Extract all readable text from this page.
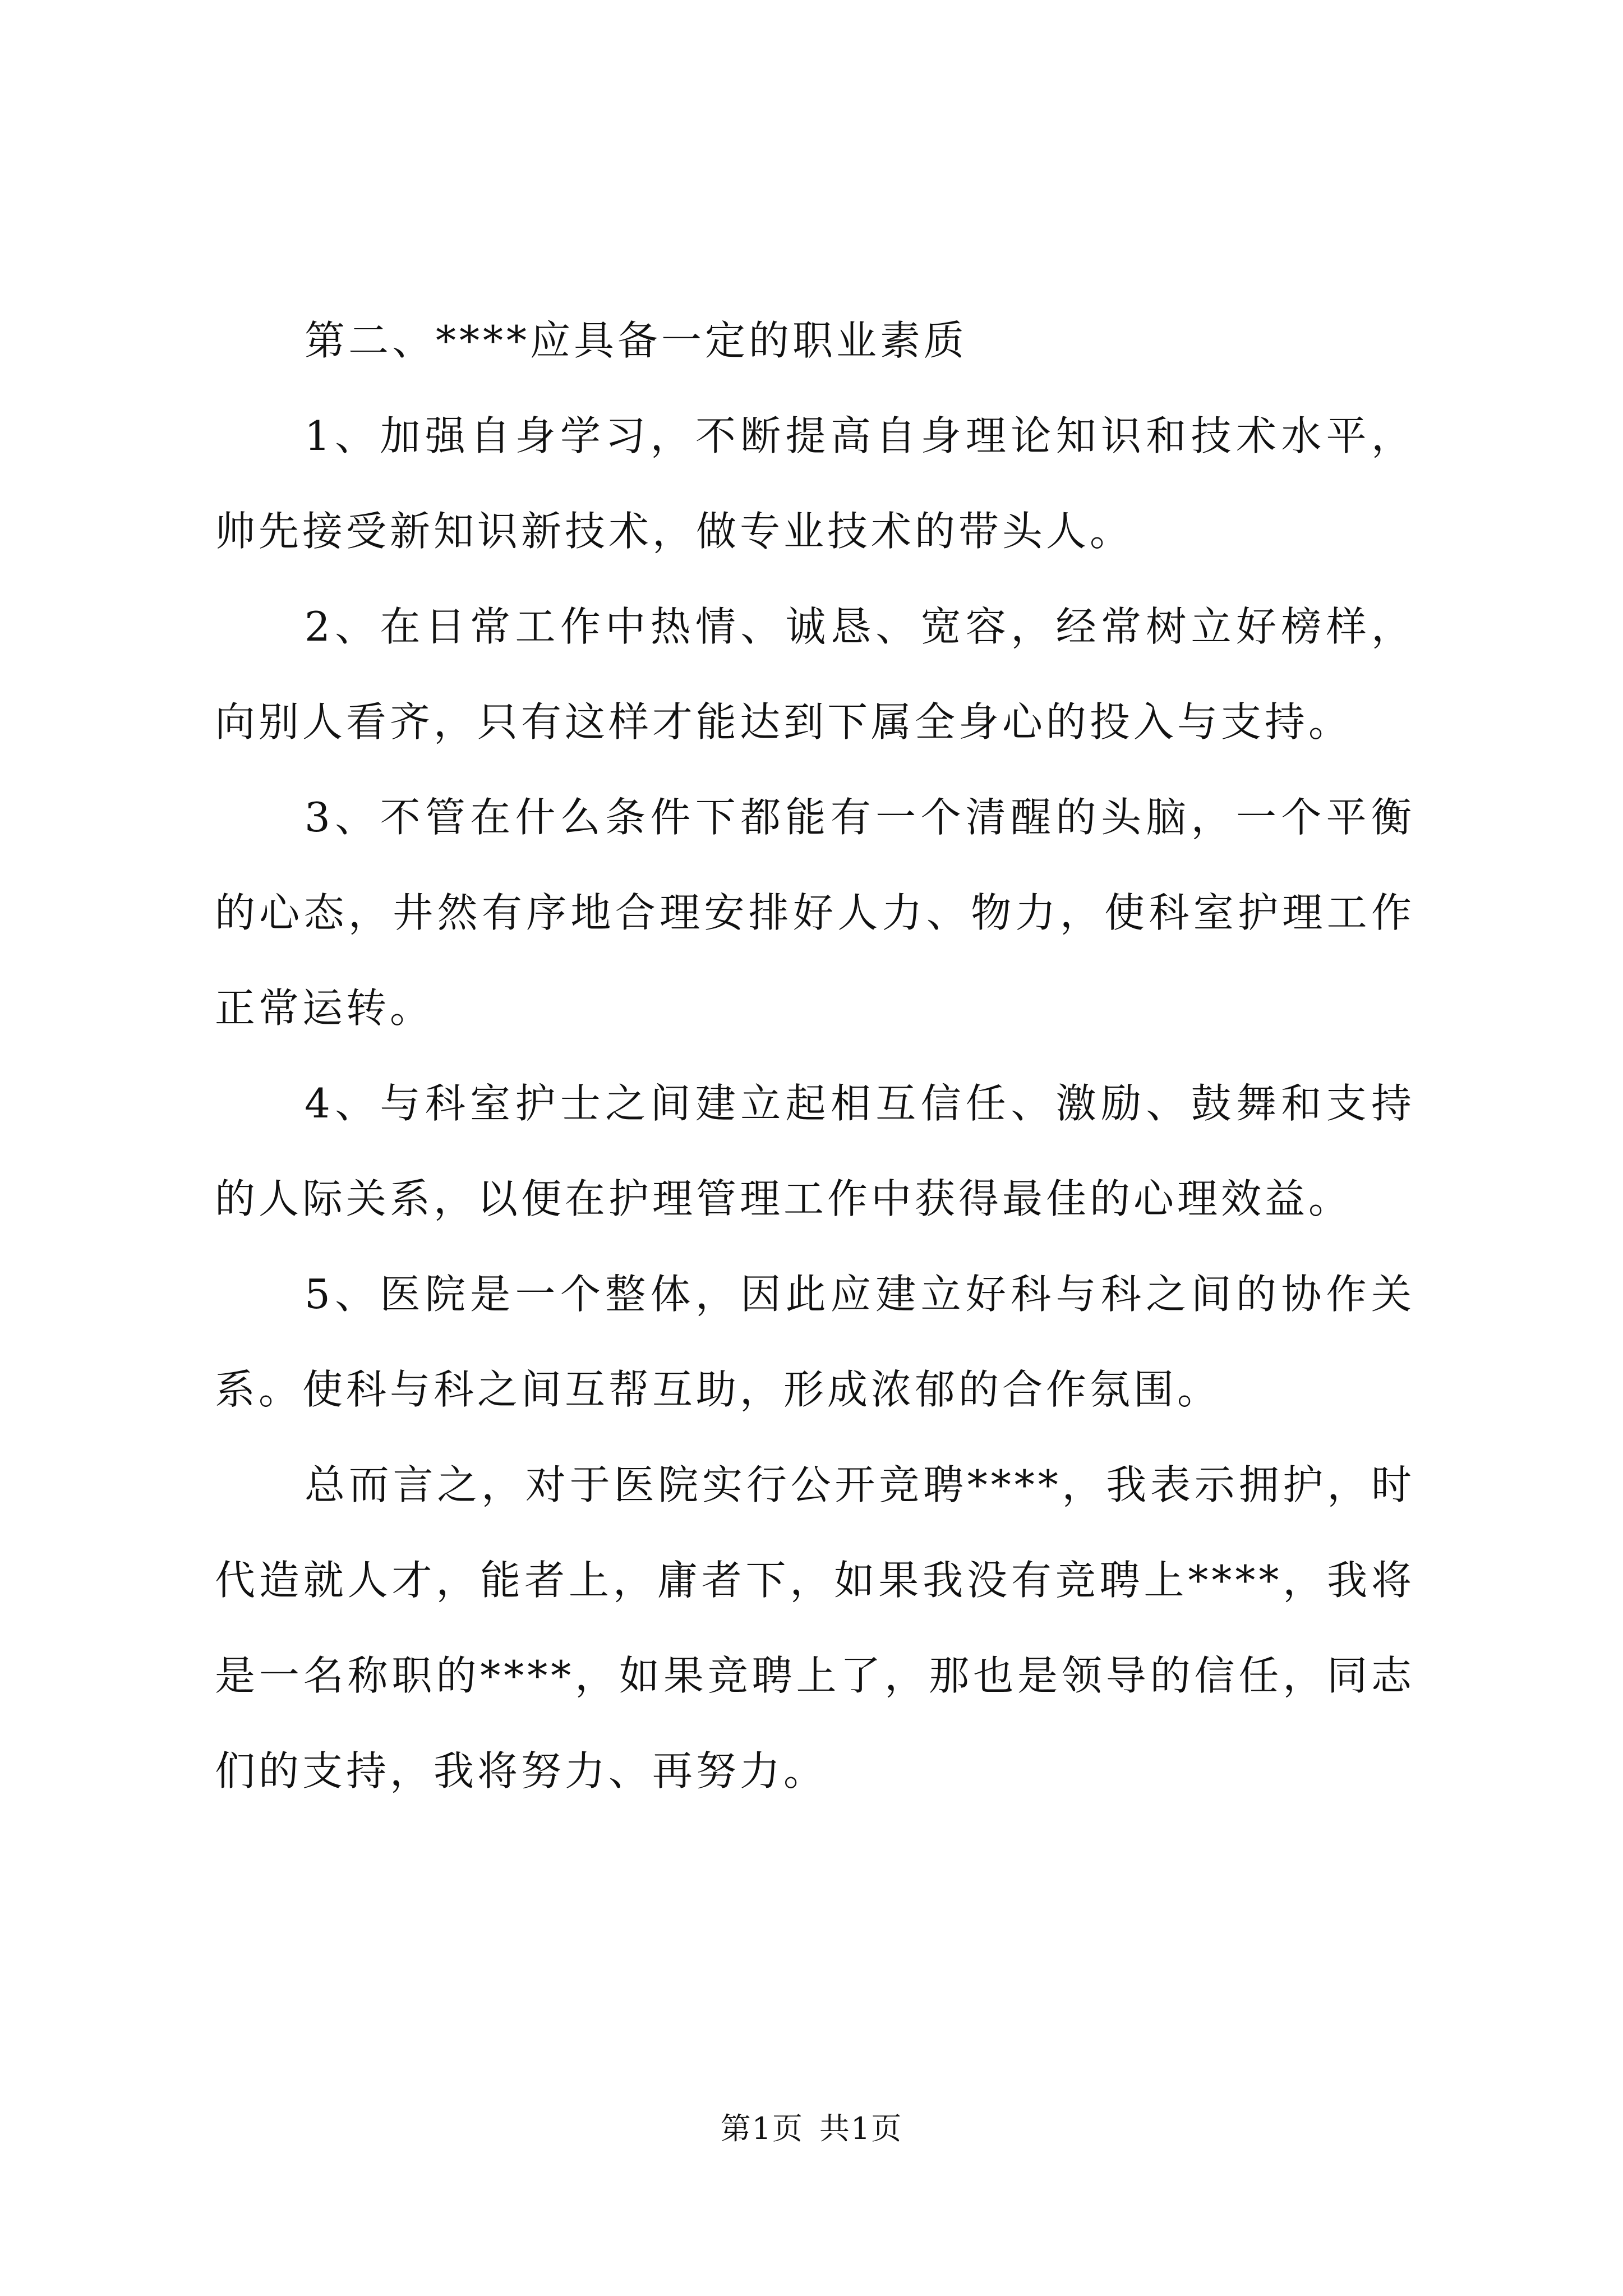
第二、****应具备一定的职业素质

1、加强自身学习，不断提高自身理论知识和技术水平，帅先接受新知识新技术，做专业技术的带头人。

2、在日常工作中热情、诚恳、宽容，经常树立好榜样，向别人看齐，只有这样才能达到下属全身心的投入与支持。

3、不管在什么条件下都能有一个清醒的头脑，一个平衡的心态，井然有序地合理安排好人力、物力，使科室护理工作正常运转。

4、与科室护士之间建立起相互信任、激励、鼓舞和支持的人际关系，以便在护理管理工作中获得最佳的心理效益。

5、医院是一个整体，因此应建立好科与科之间的协作关系。使科与科之间互帮互助，形成浓郁的合作氛围。

总而言之，对于医院实行公开竞聘****，我表示拥护，时代造就人才，能者上，庸者下，如果我没有竞聘上****，我将是一名称职的****，如果竞聘上了，那也是领导的信任，同志们的支持，我将努力、再努力。

第1页 共1页
